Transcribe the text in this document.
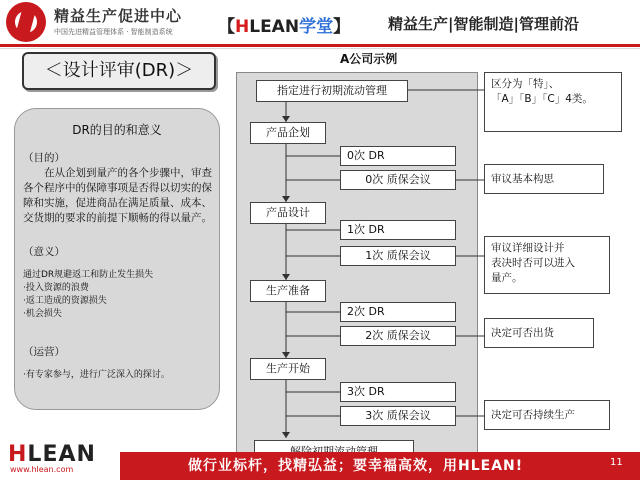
精益生产促进中心
中国先进精益管理体系 · 智能制造系统	【HLEAN学堂】	精益生产|智能制造|管理前沿
＜设计评审(DR)＞
DR的目的和意义
（目的）
在从企划到量产的各个步骤中，审查各个程序中的保障事项是否得以切实的保障和实施，促进商品在满足质量、成本、交货期的要求的前提下顺畅的得以量产。
（意义）
通过DR规避返工和防止发生损失
·投入资源的浪费
·返工造成的资源损失
·机会损失
（运营）
·有专家参与，进行广泛深入的探讨。
A公司示例
指定进行初期流动管理
产品企划
0次 DR
0次 质保会议
产品设计
1次 DR
1次 质保会议
生产准备
2次 DR
2次 质保会议
生产开始
3次 DR
3次 质保会议
区分为「特」、
「A」「B」「C」4类。
审议基本构思
审议详细设计并
表决时否可以进入
量产。
决定可否出货
决定可否持续生产
做行业标杆，找精弘益；要幸福高效，用HLEAN!
HLEAN
www.hlean.com
11
